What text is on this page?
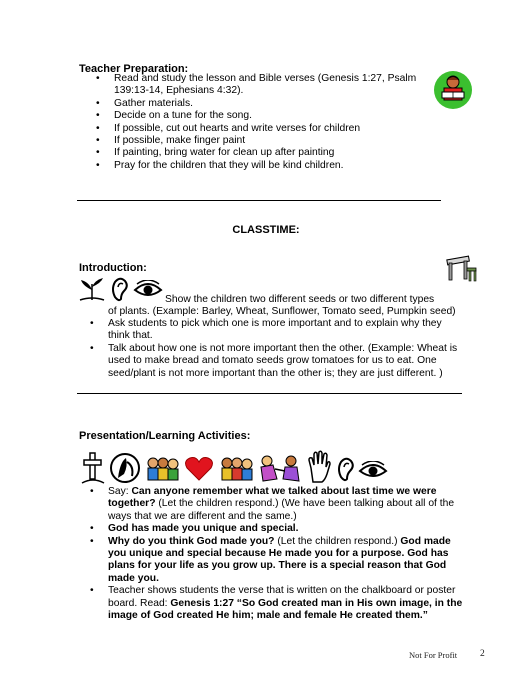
Teacher Preparation:
• Read and study the lesson and Bible verses (Genesis 1:27, Psalm 139:13-14, Ephesians 4:32).
• Gather materials.
• Decide on a tune for the song.
• If possible, cut out hearts and write verses for children
• If possible, make finger paint
• If painting, bring water for clean up after painting
• Pray for the children that they will be kind children.
CLASSTIME:
Introduction:
Show the children two different seeds or two different types
of plants. (Example: Barley, Wheat, Sunflower, Tomato seed, Pumpkin seed)
• Ask students to pick which one is more important and to explain why they think that.
• Talk about how one is not more important then the other. (Example: Wheat is used to make bread and tomato seeds grow tomatoes for us to eat. One seed/plant is not more important than the other is; they are just different. )
Presentation/Learning Activities:
• Say: Can anyone remember what we talked about last time we were together? (Let the children respond.) (We have been talking about all of the ways that we are different and the same.)
• God has made you unique and special.
• Why do you think God made you? (Let the children respond.) God made you unique and special because He made you for a purpose. God has plans for your life as you grow up. There is a special reason that God made you.
• Teacher shows students the verse that is written on the chalkboard or poster board. Read: Genesis 1:27 “So God created man in His own image, in the image of God created He him; male and female He created them.”
Not For Profit 2
